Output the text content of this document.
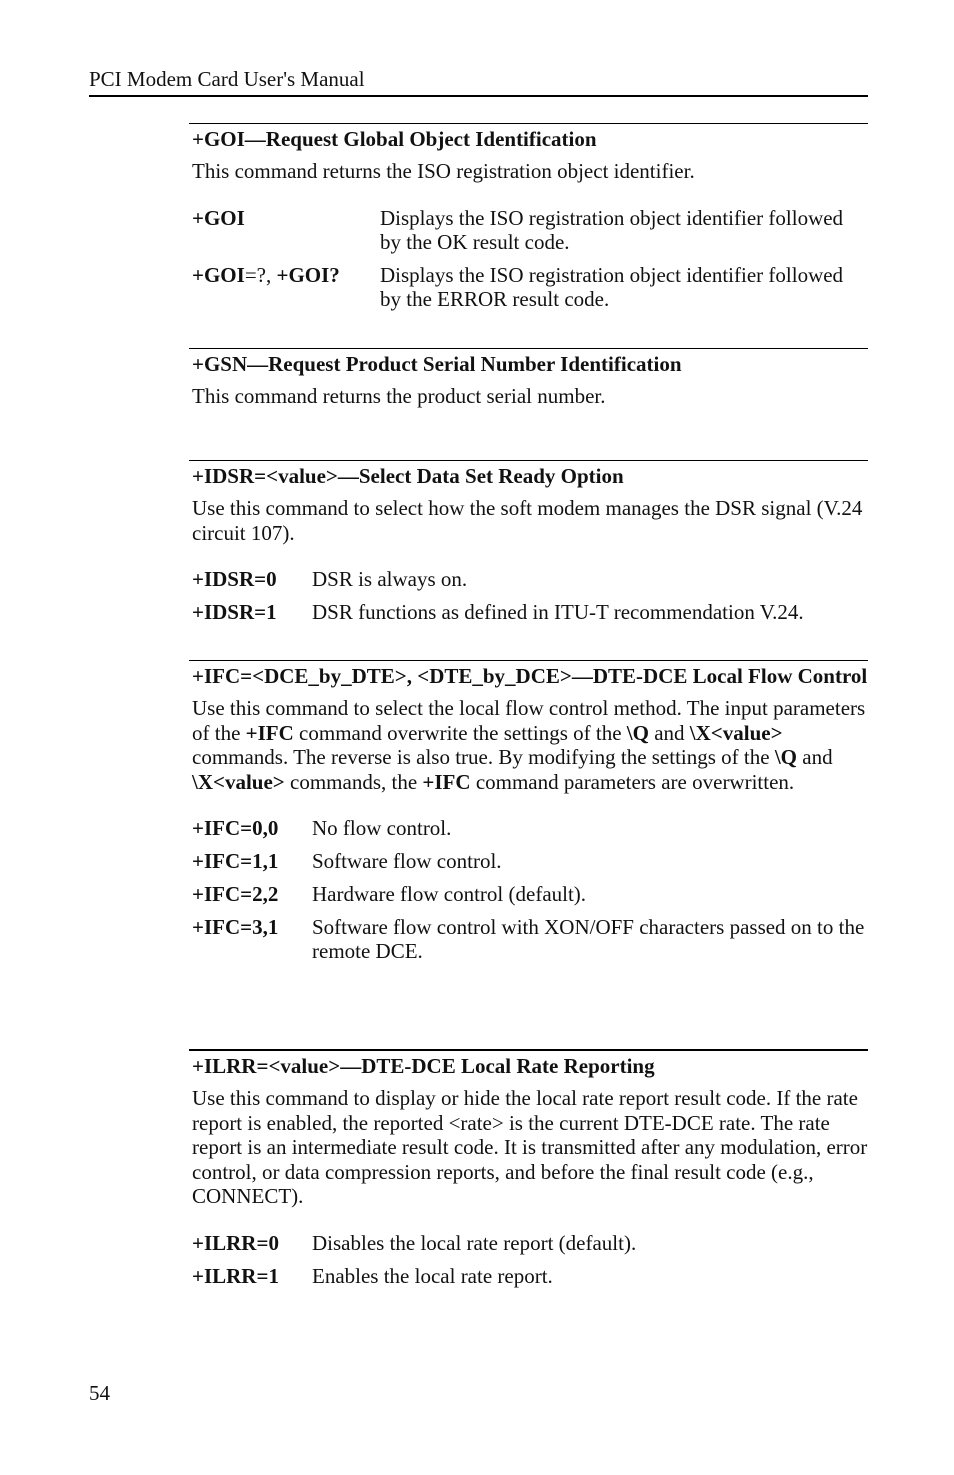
PCI Modem Card User's Manual
+GOI—Request Global Object Identification

This command returns the ISO registration object identifier.

+GOI	Displays the ISO registration object identifier followed by the OK result code.
+GOI=?, +GOI?	Displays the ISO registration object identifier followed by the ERROR result code.
+GSN—Request Product Serial Number Identification

This command returns the product serial number.

+IDSR=<value>—Select Data Set Ready Option

Use this command to select how the soft modem manages the DSR signal (V.24 circuit 107).

+IDSR=0	DSR is always on.
+IDSR=1	DSR functions as defined in ITU-T recommendation V.24.
+IFC=<DCE_by_DTE>, <DTE_by_DCE>—DTE-DCE Local Flow Control

Use this command to select the local flow control method. The input parameters of the +IFC command overwrite the settings of the \Q and \X<value> commands. The reverse is also true. By modifying the settings of the \Q and \X<value> commands, the +IFC command parameters are overwritten.

+IFC=0,0	No flow control.
+IFC=1,1	Software flow control.
+IFC=2,2	Hardware flow control (default).
+IFC=3,1	Software flow control with XON/OFF characters passed on to the remote DCE.
+ILRR=<value>—DTE-DCE Local Rate Reporting

Use this command to display or hide the local rate report result code. If the rate report is enabled, the reported <rate> is the current DTE-DCE rate. The rate report is an intermediate result code. It is transmitted after any modulation, error control, or data compression reports, and before the final result code (e.g., CONNECT).

+ILRR=0	Disables the local rate report (default).
+ILRR=1	Enables the local rate report.
54
